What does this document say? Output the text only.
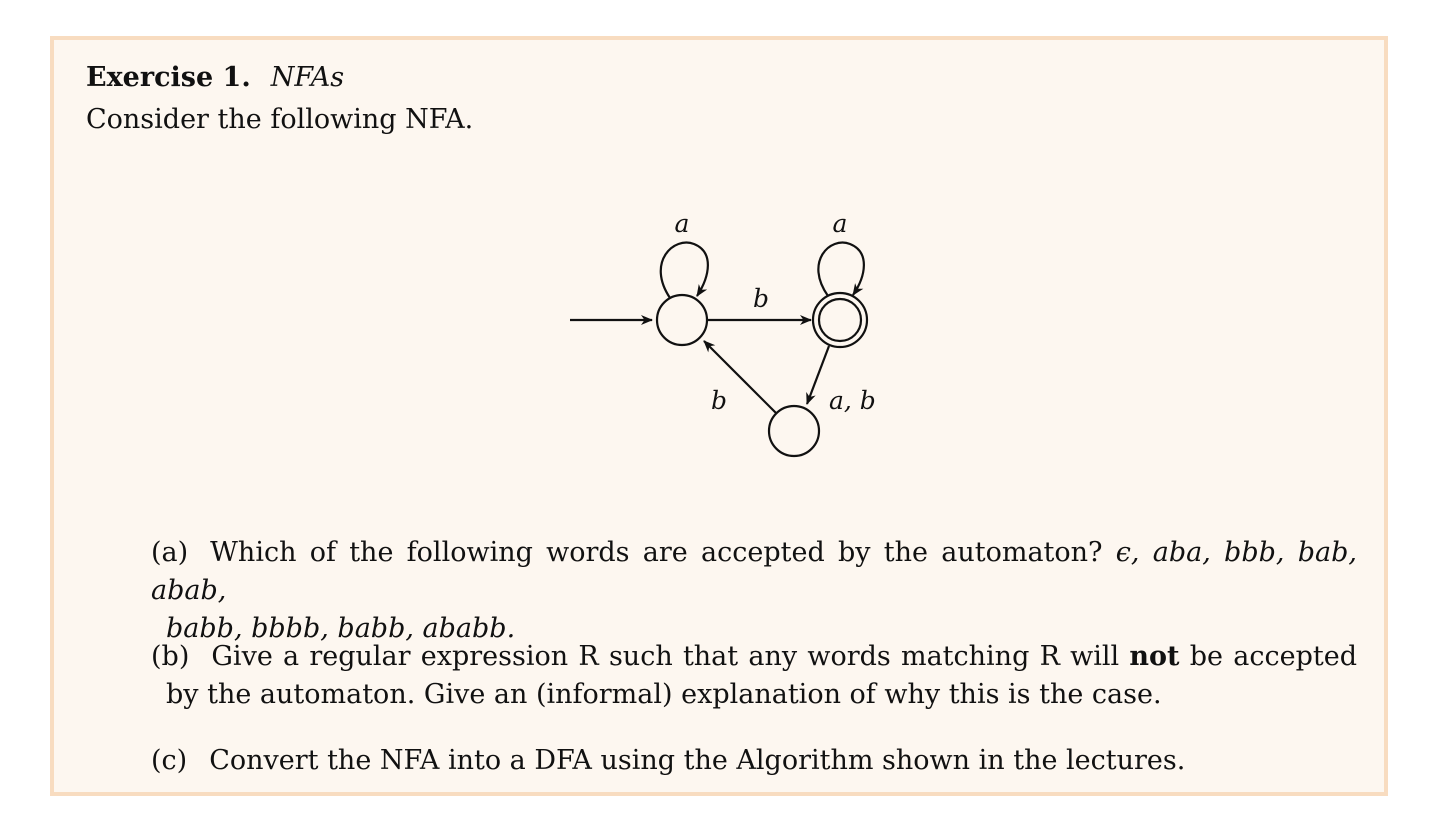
Exercise 1. NFAs
Consider the following NFA.
a
b
a
a, b
b
(a) Which of the following words are accepted by the automaton? ϵ, aba, bbb, bab, abab,
babb, bbbb, babb, ababb.
(b) Give a regular expression R such that any words matching R will not be accepted
by the automaton. Give an (informal) explanation of why this is the case.
(c) Convert the NFA into a DFA using the Algorithm shown in the lectures.
